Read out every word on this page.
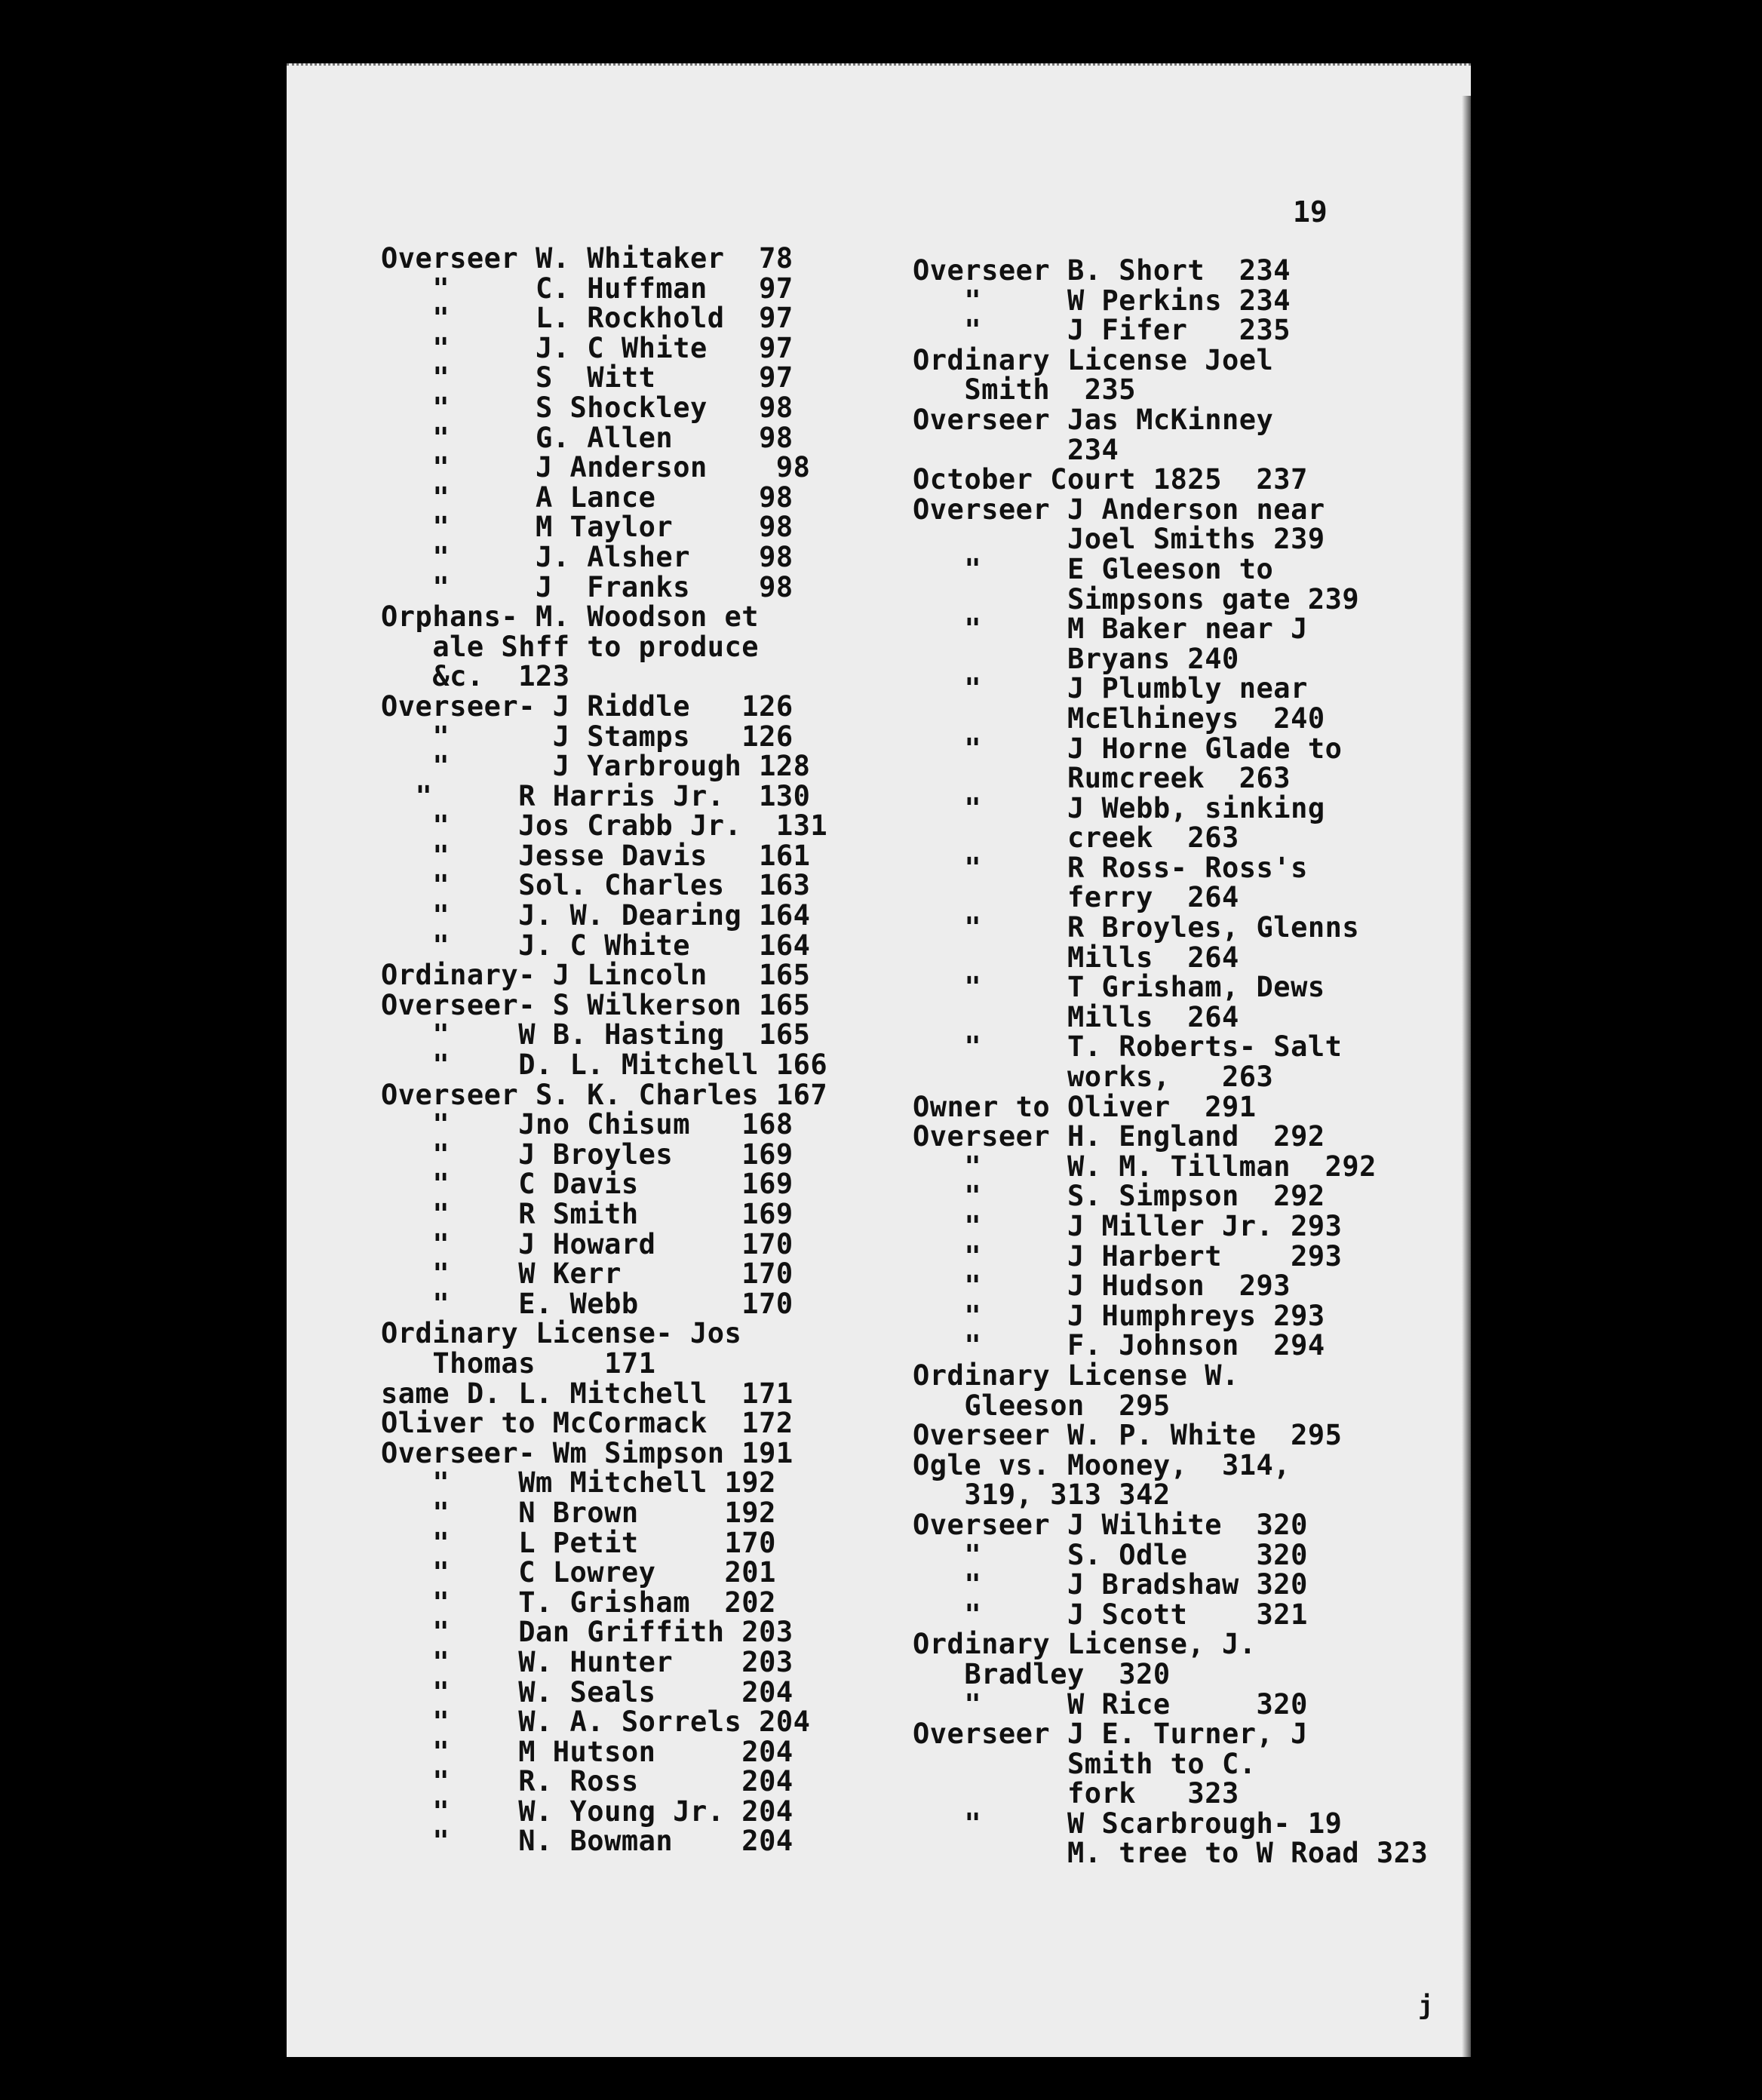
19
Overseer W. Whitaker  78
"     C. Huffman   97
"     L. Rockhold  97
"     J. C White   97
"     S  Witt      97
"     S Shockley   98
"     G. Allen     98
"     J Anderson    98
"     A Lance      98
"     M Taylor     98
"     J. Alsher    98
"     J  Franks    98
Orphans- M. Woodson et
ale Shff to produce
&c.  123
Overseer- J Riddle   126
"      J Stamps   126
"      J Yarbrough 128
"     R Harris Jr.  130
"    Jos Crabb Jr.  131
"    Jesse Davis   161
"    Sol. Charles  163
"    J. W. Dearing 164
"    J. C White    164
Ordinary- J Lincoln   165
Overseer- S Wilkerson 165
"    W B. Hasting  165
"    D. L. Mitchell 166
Overseer S. K. Charles 167
"    Jno Chisum   168
"    J Broyles    169
"    C Davis      169
"    R Smith      169
"    J Howard     170
"    W Kerr       170
"    E. Webb      170
Ordinary License- Jos
Thomas    171
same D. L. Mitchell  171
Oliver to McCormack  172
Overseer- Wm Simpson 191
"    Wm Mitchell 192
"    N Brown     192
"    L Petit     170
"    C Lowrey    201
"    T. Grisham  202
"    Dan Griffith 203
"    W. Hunter    203
"    W. Seals     204
"    W. A. Sorrels 204
"    M Hutson     204
"    R. Ross      204
"    W. Young Jr. 204
"    N. Bowman    204
Overseer B. Short  234
"     W Perkins 234
"     J Fifer   235
Ordinary License Joel
Smith  235
Overseer Jas McKinney
234
October Court 1825  237
Overseer J Anderson near
Joel Smiths 239
"     E Gleeson to
Simpsons gate 239
"     M Baker near J
Bryans 240
"     J Plumbly near
McElhineys  240
"     J Horne Glade to
Rumcreek  263
"     J Webb, sinking
creek  263
"     R Ross- Ross's
ferry  264
"     R Broyles, Glenns
Mills  264
"     T Grisham, Dews
Mills  264
"     T. Roberts- Salt
works,   263
Owner to Oliver  291
Overseer H. England  292
"     W. M. Tillman  292
"     S. Simpson  292
"     J Miller Jr. 293
"     J Harbert    293
"     J Hudson  293
"     J Humphreys 293
"     F. Johnson  294
Ordinary License W.
Gleeson  295
Overseer W. P. White  295
Ogle vs. Mooney,  314,
319, 313 342
Overseer J Wilhite  320
"     S. Odle    320
"     J Bradshaw 320
"     J Scott    321
Ordinary License, J.
Bradley  320
"     W Rice     320
Overseer J E. Turner, J
Smith to C.
fork   323
"     W Scarbrough- 19
M. tree to W Road 323
j
